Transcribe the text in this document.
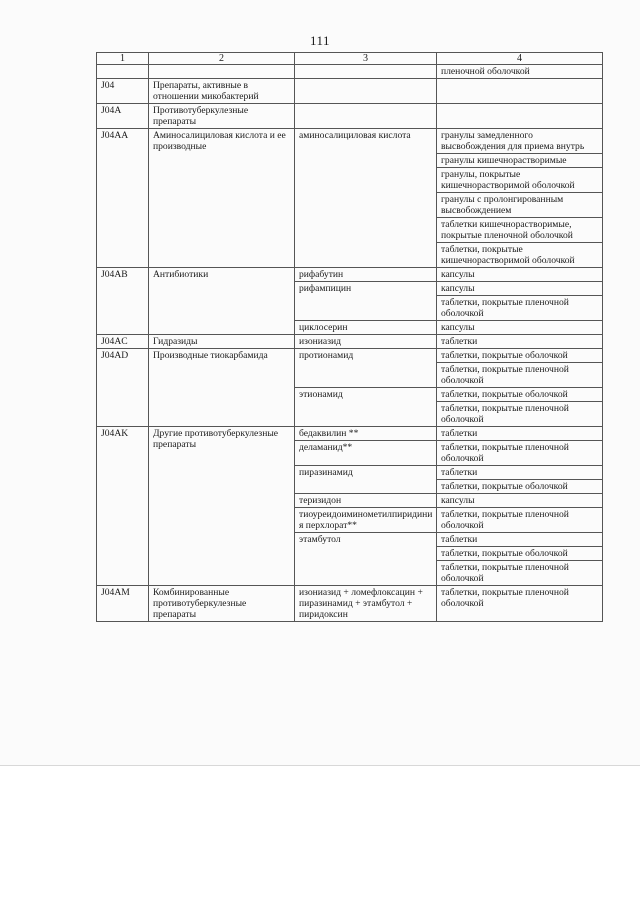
111
1	2	3	4
			пленочной оболочкой
J04	Препараты, активные в отношении микобактерий		
J04A	Противотуберкулезные препараты		
J04AA	Аминосалициловая кислота и ее производные	аминосалициловая кислота	гранулы замедленного высвобождения для приема внутрь
			гранулы кишечнорастворимые
			гранулы, покрытые кишечнорастворимой оболочкой
			гранулы с пролонгированным высвобождением
			таблетки кишечнорастворимые, покрытые пленочной оболочкой
			таблетки, покрытые кишечнорастворимой оболочкой
J04AB	Антибиотики	рифабутин	капсулы
		рифампицин	капсулы
			таблетки, покрытые пленочной оболочкой
		циклосерин	капсулы
J04AC	Гидразиды	изониазид	таблетки
J04AD	Производные тиокарбамида	протионамид	таблетки, покрытые оболочкой
			таблетки, покрытые пленочной оболочкой
		этионамид	таблетки, покрытые оболочкой
			таблетки, покрытые пленочной оболочкой
J04AK	Другие противотуберкулезные препараты	бедаквилин **	таблетки
		деламанид**	таблетки, покрытые пленочной оболочкой
		пиразинамид	таблетки
			таблетки, покрытые оболочкой
		теризидон	капсулы
		тиоуреидоиминометилпиридиния перхлорат**	таблетки, покрытые пленочной оболочкой
		этамбутол	таблетки
			таблетки, покрытые оболочкой
			таблетки, покрытые пленочной оболочкой
J04AM	Комбинированные противотуберкулезные препараты	изониазид + ломефлоксацин + пиразинамид + этамбутол + пиридоксин	таблетки, покрытые пленочной оболочкой
